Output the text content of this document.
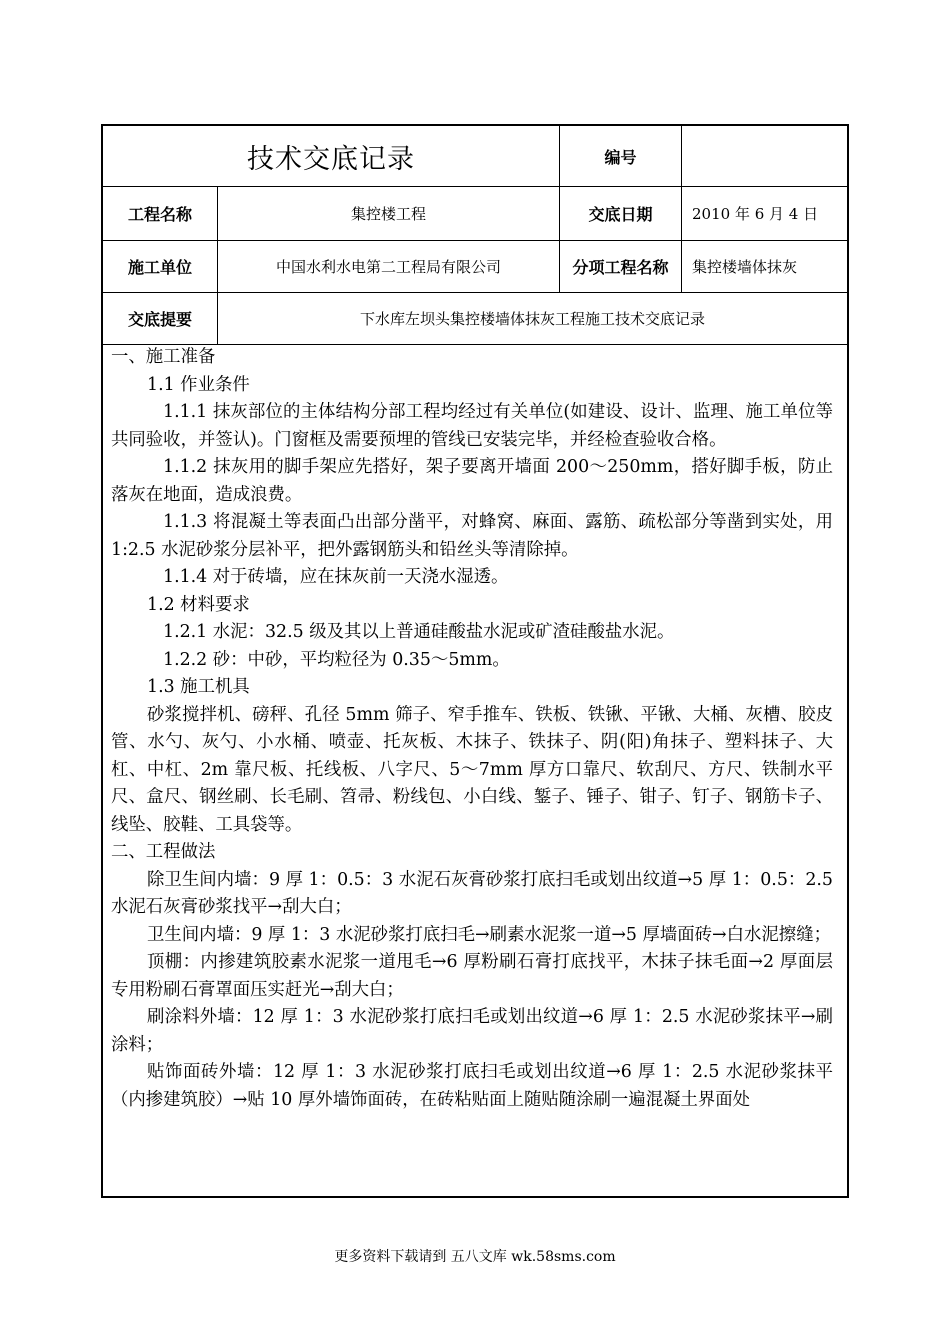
技术交底记录	编号
工程名称	集控楼工程	交底日期	2010 年 6 月 4 日
施工单位	中国水利水电第二工程局有限公司	分项工程名称	集控楼墙体抹灰
交底提要	下水库左坝头集控楼墙体抹灰工程施工技术交底记录

一、施工准备

1.1 作业条件

1.1.1 抹灰部位的主体结构分部工程均经过有关单位(如建设、设计、监理、施工单位等共同验收，并签认)。门窗框及需要预埋的管线已安装完毕，并经检查验收合格。

1.1.2 抹灰用的脚手架应先搭好，架子要离开墙面 200～250mm，搭好脚手板，防止落灰在地面，造成浪费。

1.1.3 将混凝土等表面凸出部分凿平，对蜂窝、麻面、露筋、疏松部分等凿到实处，用 1:2.5 水泥砂浆分层补平，把外露钢筋头和铅丝头等清除掉。

1.1.4 对于砖墙，应在抹灰前一天浇水湿透。

1.2 材料要求

1.2.1 水泥：32.5 级及其以上普通硅酸盐水泥或矿渣硅酸盐水泥。

1.2.2 砂：中砂，平均粒径为 0.35～5mm。

1.3 施工机具

砂浆搅拌机、磅秤、孔径 5mm 筛子、窄手推车、铁板、铁锹、平锹、大桶、灰槽、胶皮管、水勺、灰勺、小水桶、喷壶、托灰板、木抹子、铁抹子、阴(阳)角抹子、塑料抹子、大杠、中杠、2m 靠尺板、托线板、八字尺、5～7mm 厚方口靠尺、软刮尺、方尺、铁制水平尺、盒尺、钢丝刷、长毛刷、笤帚、粉线包、小白线、錾子、锤子、钳子、钉子、钢筋卡子、线坠、胶鞋、工具袋等。

二、工程做法

除卫生间内墙：9 厚 1：0.5：3 水泥石灰膏砂浆打底扫毛或划出纹道→5 厚 1：0.5：2.5 水泥石灰膏砂浆找平→刮大白；

卫生间内墙：9 厚 1：3 水泥砂浆打底扫毛→刷素水泥浆一道→5 厚墙面砖→白水泥擦缝；

顶棚：内掺建筑胶素水泥浆一道甩毛→6 厚粉刷石膏打底找平，木抹子抹毛面→2 厚面层专用粉刷石膏罩面压实赶光→刮大白；

刷涂料外墙：12 厚 1：3 水泥砂浆打底扫毛或划出纹道→6 厚 1：2.5 水泥砂浆抹平→刷涂料；

贴饰面砖外墙：12 厚 1：3 水泥砂浆打底扫毛或划出纹道→6 厚 1：2.5 水泥砂浆抹平（内掺建筑胶）→贴 10 厚外墙饰面砖，在砖粘贴面上随贴随涂刷一遍混凝土界面处

更多资料下载请到 五八文库 wk.58sms.com
